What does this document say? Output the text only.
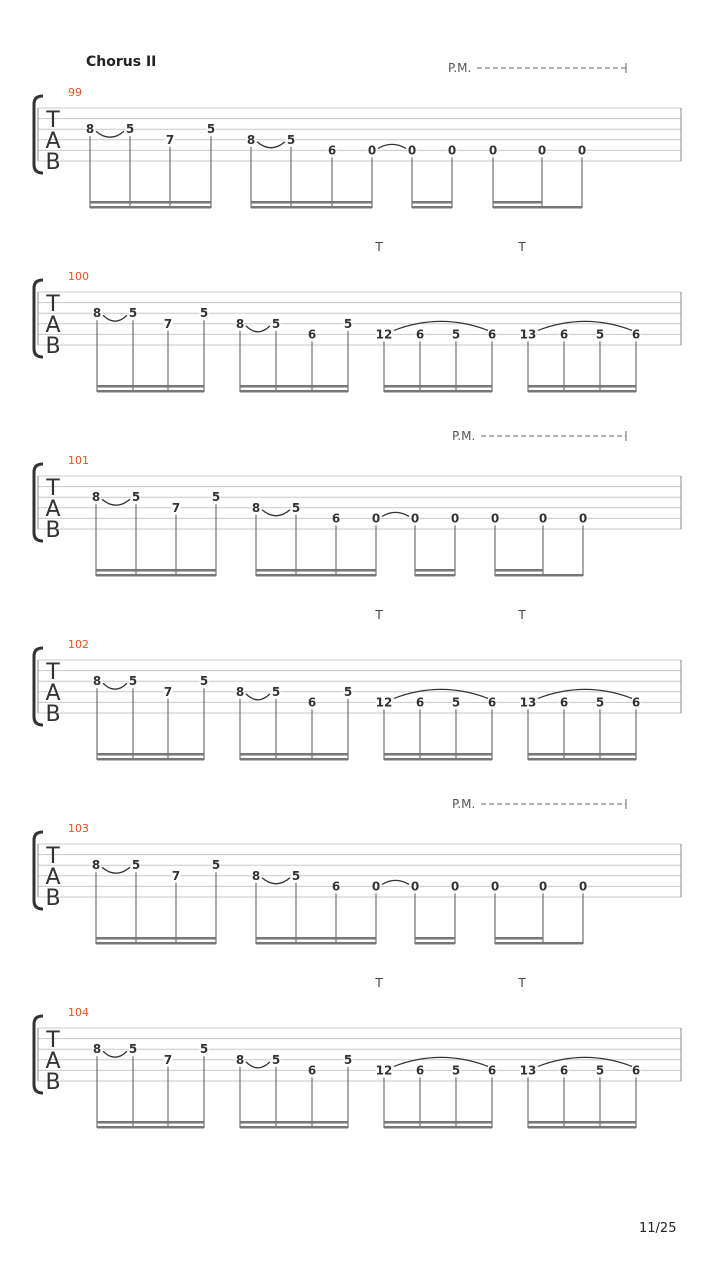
Chorus II
11/25
T
A
B
99
8	5
7
5
8	5
6	0	0	0	0	0	0
P.M.
T
A
B
100
8 5
7
5
8 5
6
5
12 6 5 6 13 6 5 6
T	T
T
A
B
101
8	5
7
5
8	5
6	0	0	0	0	0	0
P.M.
T
A
B
102
8 5
7
5
8 5
6
5
12 6 5 6 13 6 5 6
T	T
T
A
B
103
8	5
7
5
8	5
6	0	0	0	0	0	0
P.M.
T
A
B
104
8 5
7
5
8 5
6
5
12 6 5 6 13 6 5 6
T	T
